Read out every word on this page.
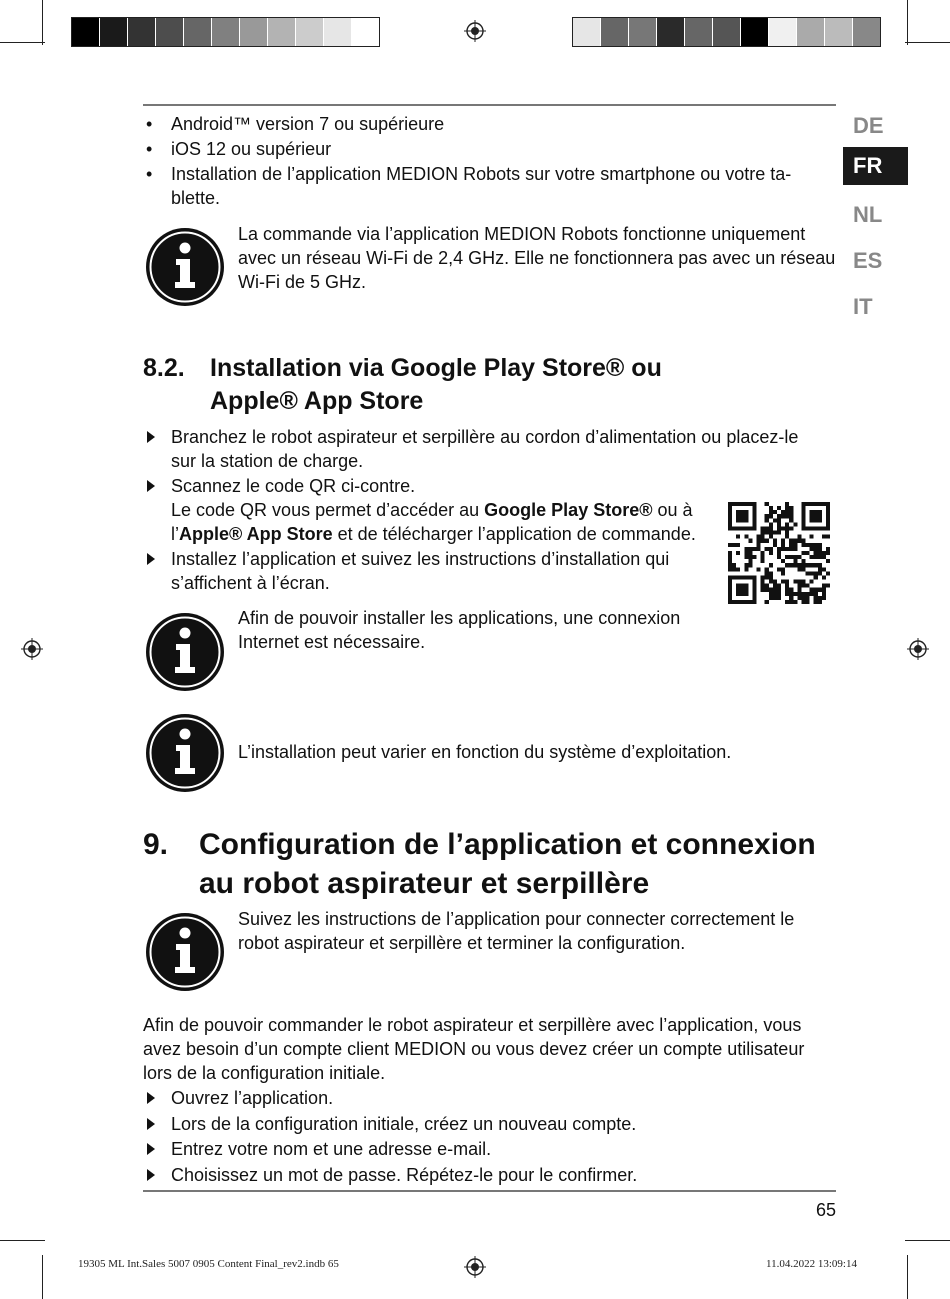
DE
FR
NL
ES
IT
• Android™ version 7 ou supérieure
• iOS 12 ou supérieur
• Installation de l’application MEDION Robots sur votre smartphone ou votre ta-
blette.
La commande via l’application MEDION Robots fonctionne uniquement
avec un réseau Wi-Fi de 2,4 GHz. Elle ne fonctionnera pas avec un réseau
Wi-Fi de 5 GHz.
8.2. Installation via Google Play Store® ou
Apple® App Store
Branchez le robot aspirateur et serpillère au cordon d’alimentation ou placez-le
sur la station de charge.
Scannez le code QR ci-contre.
Le code QR vous permet d’accéder au Google Play Store® ou à
l’Apple® App Store et de télécharger l’application de commande.
Installez l’application et suivez les instructions d’installation qui
s’affichent à l’écran.
Afin de pouvoir installer les applications, une connexion
Internet est nécessaire.
L’installation peut varier en fonction du système d’exploitation.
9. Configuration de l’application et connexion
au robot aspirateur et serpillère
Suivez les instructions de l’application pour connecter correctement le
robot aspirateur et serpillère et terminer la configuration.
Afin de pouvoir commander le robot aspirateur et serpillère avec l’application, vous
avez besoin d’un compte client MEDION ou vous devez créer un compte utilisateur
lors de la configuration initiale.
Ouvrez l’application.
Lors de la configuration initiale, créez un nouveau compte.
Entrez votre nom et une adresse e-mail.
Choisissez un mot de passe. Répétez-le pour le confirmer.
65
19305 ML Int.Sales 5007 0905 Content Final_rev2.indb 65	11.04.2022 13:09:14
